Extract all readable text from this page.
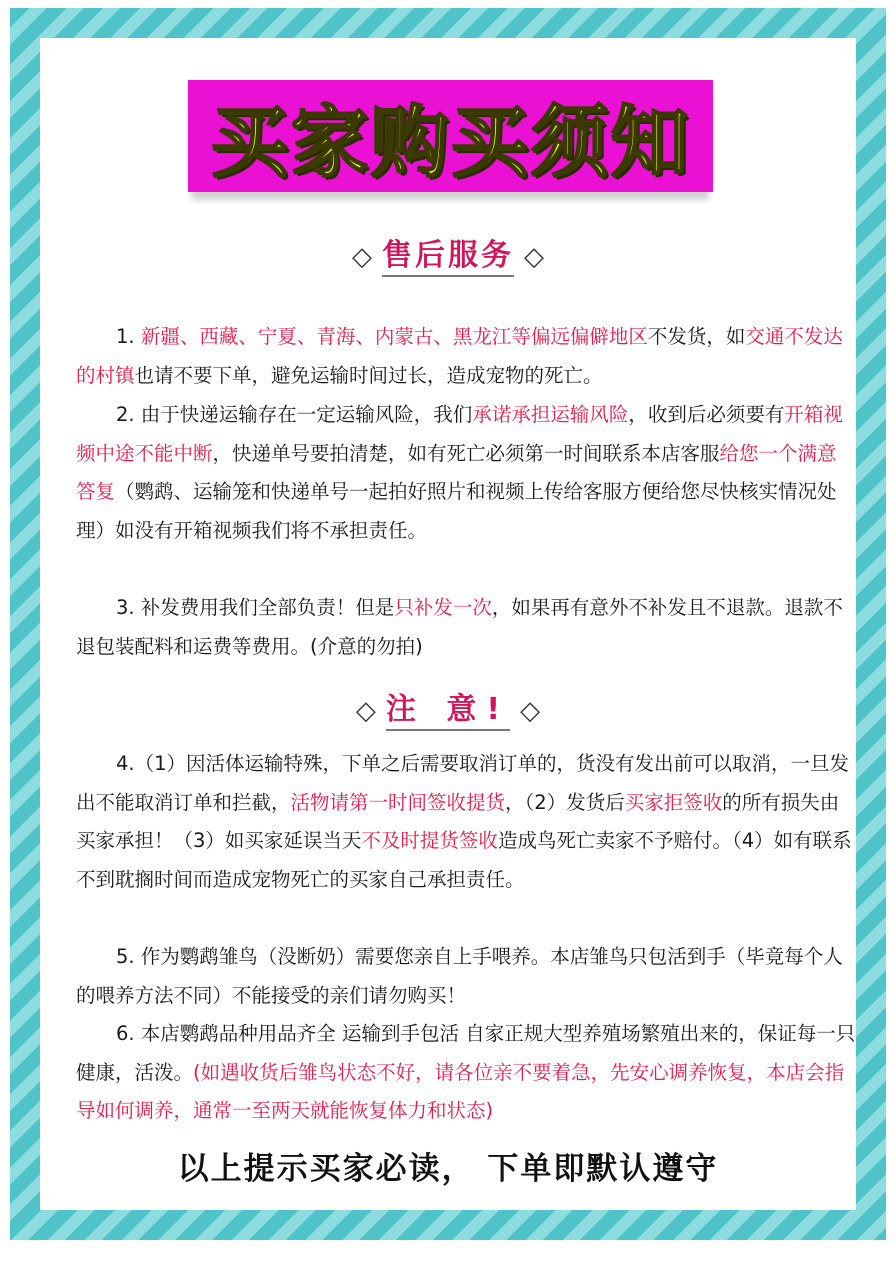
买家购买须知
◇ 售后服务 ◇

1. 新疆、西藏、宁夏、青海、内蒙古、黑龙江等偏远偏僻地区不发货，如交通不发达的村镇也请不要下单，避免运输时间过长，造成宠物的死亡。

2. 由于快递运输存在一定运输风险，我们承诺承担运输风险，收到后必须要有开箱视频中途不能中断，快递单号要拍清楚，如有死亡必须第一时间联系本店客服给您一个满意答复（鹦鹉、运输笼和快递单号一起拍好照片和视频上传给客服方便给您尽快核实情况处理）如没有开箱视频我们将不承担责任。

3. 补发费用我们全部负责！但是只补发一次，如果再有意外不补发且不退款。退款不退包装配料和运费等费用。(介意的勿拍)

◇ 注 意! ◇

4.（1）因活体运输特殊，下单之后需要取消订单的，货没有发出前可以取消，一旦发出不能取消订单和拦截，活物请第一时间签收提货，（2）发货后买家拒签收的所有损失由买家承担！（3）如买家延误当天不及时提货签收造成鸟死亡卖家不予赔付。（4）如有联系不到耽搁时间而造成宠物死亡的买家自己承担责任。

5. 作为鹦鹉雏鸟（没断奶）需要您亲自上手喂养。本店雏鸟只包活到手（毕竟每个人的喂养方法不同）不能接受的亲们请勿购买！

6. 本店鹦鹉品种用品齐全 运输到手包活 自家正规大型养殖场繁殖出来的，保证每一只健康，活泼。(如遇收货后雏鸟状态不好，请各位亲不要着急，先安心调养恢复，本店会指导如何调养，通常一至两天就能恢复体力和状态)

以上提示买家必读， 下单即默认遵守
